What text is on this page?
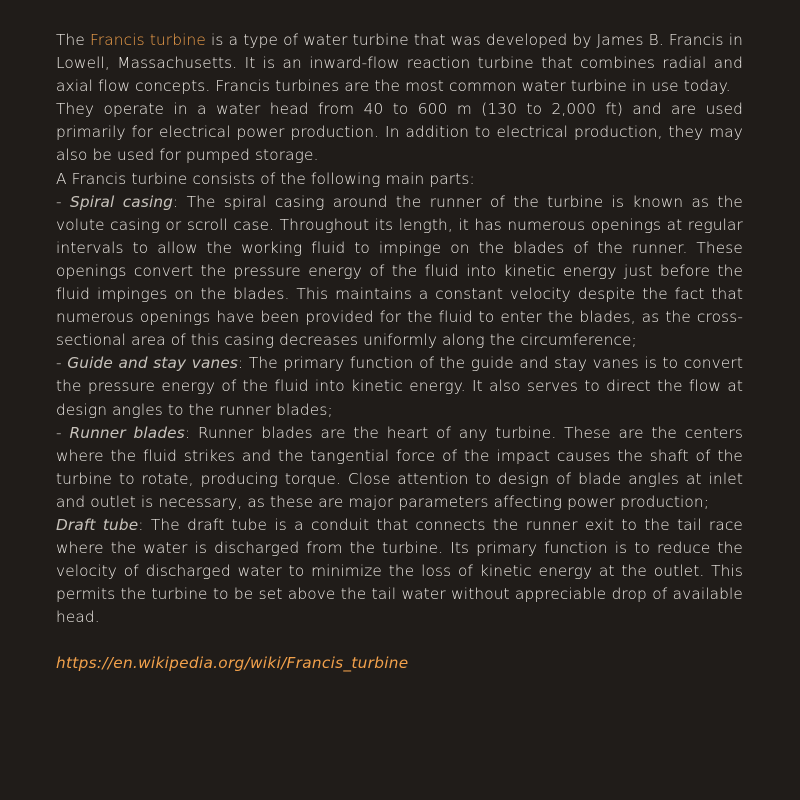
The Francis turbine is a type of water turbine that was developed by James B. Francis in Lowell, Massachusetts. It is an inward-flow reaction turbine that combines radial and axial flow concepts. Francis turbines are the most common water turbine in use today.

They operate in a water head from 40 to 600 m (130 to 2,000 ft) and are used primarily for electrical power production. In addition to electrical production, they may also be used for pumped storage.

A Francis turbine consists of the following main parts:

- Spiral casing: The spiral casing around the runner of the turbine is known as the volute casing or scroll case. Throughout its length, it has numerous openings at regular intervals to allow the working fluid to impinge on the blades of the runner. These openings convert the pressure energy of the fluid into kinetic energy just before the fluid impinges on the blades. This maintains a constant velocity despite the fact that numerous openings have been provided for the fluid to enter the blades, as the cross-sectional area of this casing decreases uniformly along the circumference;

- Guide and stay vanes: The primary function of the guide and stay vanes is to convert the pressure energy of the fluid into kinetic energy. It also serves to direct the flow at design angles to the runner blades;

- Runner blades: Runner blades are the heart of any turbine. These are the centers where the fluid strikes and the tangential force of the impact causes the shaft of the turbine to rotate, producing torque. Close attention to design of blade angles at inlet and outlet is necessary, as these are major parameters affecting power production;

Draft tube: The draft tube is a conduit that connects the runner exit to the tail race where the water is discharged from the turbine. Its primary function is to reduce the velocity of discharged water to minimize the loss of kinetic energy at the outlet. This permits the turbine to be set above the tail water without appreciable drop of available head.

https://en.wikipedia.org/wiki/Francis_turbine
